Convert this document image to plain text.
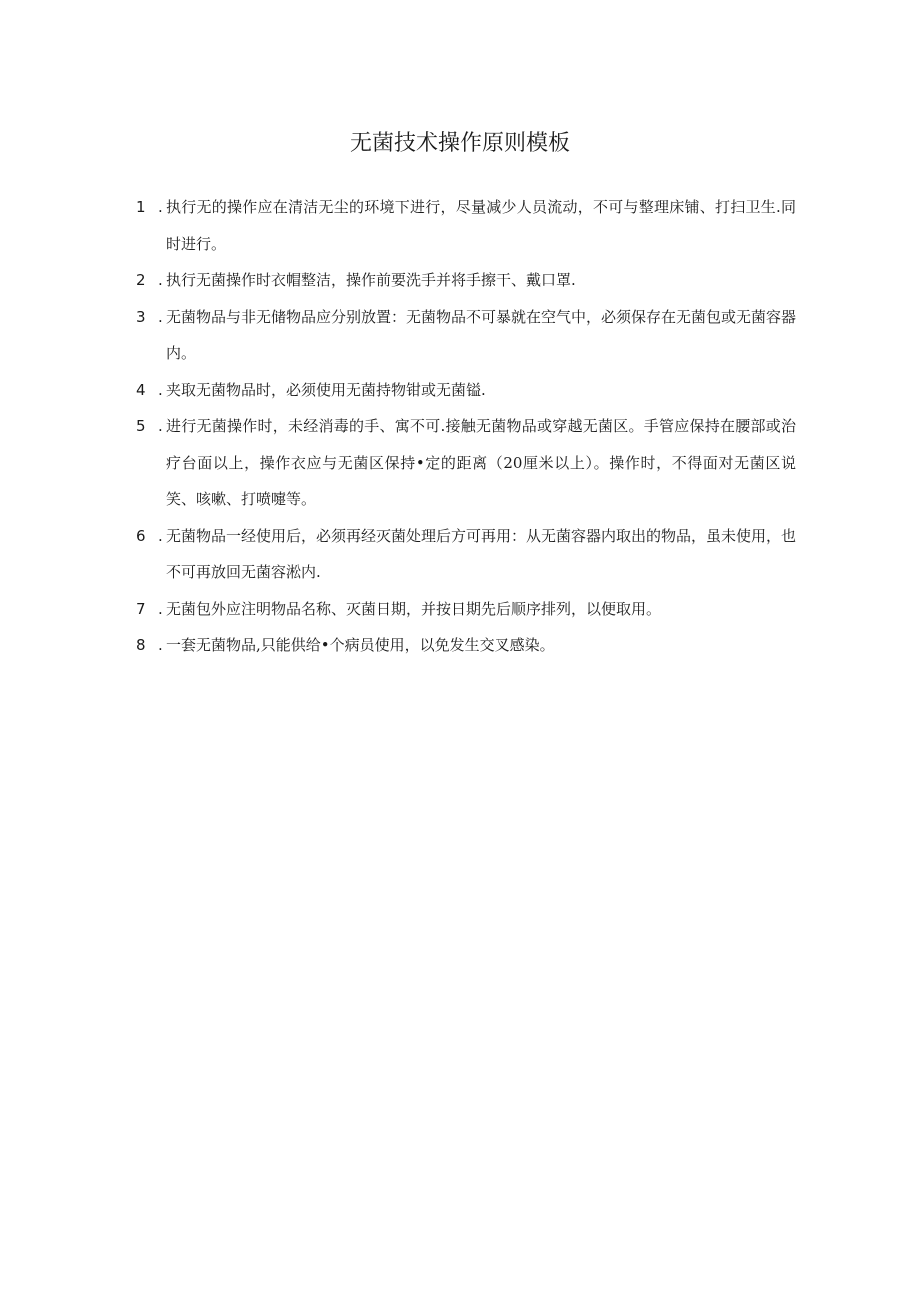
无菌技术操作原则模板
1 . 执行无的操作应在清洁无尘的环境下进行，尽量减少人员流动，不可与整理床铺、打扫卫生.同时进行。
2 . 执行无菌操作时衣帽整洁，操作前要洗手并将手擦干、戴口罩.
3 . 无菌物品与非无储物品应分别放置：无菌物品不可暴就在空气中，必须保存在无菌包或无菌容器内。
4 . 夹取无菌物品时，必须使用无菌持物钳或无菌镒.
5 . 进行无菌操作时，未经消毒的手、寓不可.接触无菌物品或穿越无菌区。手管应保持在腰部或治疗台面以上，操作衣应与无菌区保持•定的距离（20厘米以上）。操作时，不得面对无菌区说笑、咳嗽、打喷嚏等。
6 . 无菌物品一经使用后，必须再经灭菌处理后方可再用：从无菌容器内取出的物品，虽未使用，也不可再放回无菌容淞内.
7 . 无菌包外应注明物品名称、灭菌日期，并按日期先后顺序排列，以便取用。
8 . 一套无菌物品,只能供给•个病员使用，以免发生交叉感染。
